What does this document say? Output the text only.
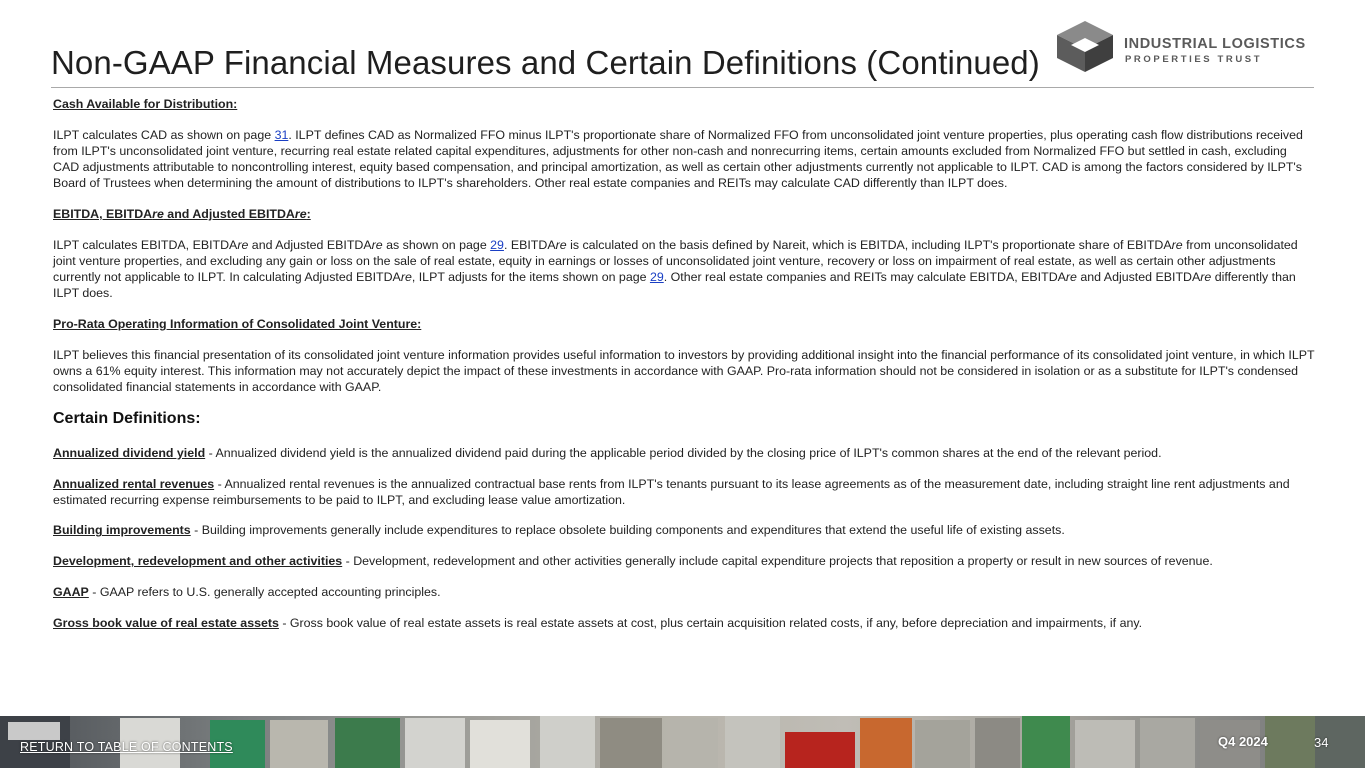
Non-GAAP Financial Measures and Certain Definitions (Continued)	INDUSTRIAL LOGISTICS
PROPERTIES TRUST

Cash Available for Distribution:

ILPT calculates CAD as shown on page 31. ILPT defines CAD as Normalized FFO minus ILPT's proportionate share of Normalized FFO from unconsolidated joint venture properties, plus operating cash flow distributions received from ILPT's unconsolidated joint venture, recurring real estate related capital expenditures, adjustments for other non-cash and nonrecurring items, certain amounts excluded from Normalized FFO but settled in cash, excluding CAD adjustments attributable to noncontrolling interest, equity based compensation, and principal amortization, as well as certain other adjustments currently not applicable to ILPT. CAD is among the factors considered by ILPT's Board of Trustees when determining the amount of distributions to ILPT's shareholders. Other real estate companies and REITs may calculate CAD differently than ILPT does.

EBITDA, EBITDAre and Adjusted EBITDAre:

ILPT calculates EBITDA, EBITDAre and Adjusted EBITDAre as shown on page 29. EBITDAre is calculated on the basis defined by Nareit, which is EBITDA, including ILPT's proportionate share of EBITDAre from unconsolidated joint venture properties, and excluding any gain or loss on the sale of real estate, equity in earnings or losses of unconsolidated joint venture, recovery or loss on impairment of real estate, as well as certain other adjustments currently not applicable to ILPT. In calculating Adjusted EBITDAre, ILPT adjusts for the items shown on page 29. Other real estate companies and REITs may calculate EBITDA, EBITDAre and Adjusted EBITDAre differently than ILPT does.

Pro-Rata Operating Information of Consolidated Joint Venture:

ILPT believes this financial presentation of its consolidated joint venture information provides useful information to investors by providing additional insight into the financial performance of its consolidated joint venture, in which ILPT owns a 61% equity interest. This information may not accurately depict the impact of these investments in accordance with GAAP. Pro-rata information should not be considered in isolation or as a substitute for ILPT's condensed consolidated financial statements in accordance with GAAP.

Certain Definitions:

Annualized dividend yield - Annualized dividend yield is the annualized dividend paid during the applicable period divided by the closing price of ILPT's common shares at the end of the relevant period.

Annualized rental revenues - Annualized rental revenues is the annualized contractual base rents from ILPT's tenants pursuant to its lease agreements as of the measurement date, including straight line rent adjustments and estimated recurring expense reimbursements to be paid to ILPT, and excluding lease value amortization.

Building improvements - Building improvements generally include expenditures to replace obsolete building components and expenditures that extend the useful life of existing assets.

Development, redevelopment and other activities - Development, redevelopment and other activities generally include capital expenditure projects that reposition a property or result in new sources of revenue.

GAAP - GAAP refers to U.S. generally accepted accounting principles.

Gross book value of real estate assets - Gross book value of real estate assets is real estate assets at cost, plus certain acquisition related costs, if any, before depreciation and impairments, if any.

RETURN TO TABLE OF CONTENTS	Q4 2024	34
